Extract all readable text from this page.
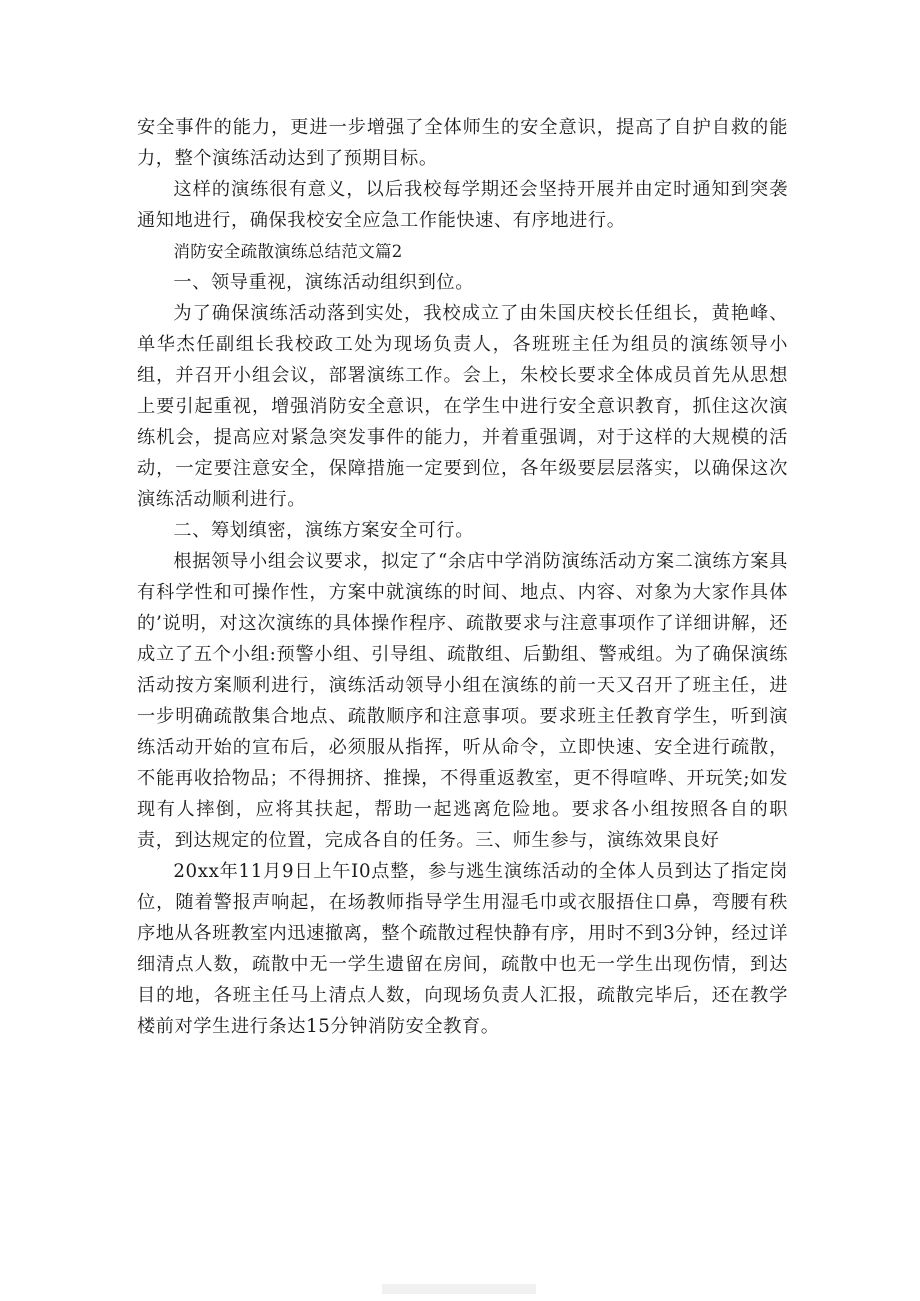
安全事件的能力，更进一步增强了全体师生的安全意识，提高了自护自救的能力，整个演练活动达到了预期目标。

这样的演练很有意义，以后我校每学期还会坚持开展并由定时通知到突袭通知地进行，确保我校安全应急工作能快速、有序地进行。

消防安全疏散演练总结范文篇2

一、领导重视，演练活动组织到位。

为了确保演练活动落到实处，我校成立了由朱国庆校长任组长，黄艳峰、单华杰任副组长我校政工处为现场负责人，各班班主任为组员的演练领导小组，并召开小组会议，部署演练工作。会上，朱校长要求全体成员首先从思想上要引起重视，增强消防安全意识，在学生中进行安全意识教育，抓住这次演练机会，提高应对紧急突发事件的能力，并着重强调，对于这样的大规模的活动，一定要注意安全，保障措施一定要到位，各年级要层层落实，以确保这次演练活动顺利进行。

二、筹划缜密，演练方案安全可行。

根据领导小组会议要求，拟定了“余店中学消防演练活动方案二演练方案具有科学性和可操作性，方案中就演练的时间、地点、内容、对象为大家作具体的’说明，对这次演练的具体操作程序、疏散要求与注意事项作了详细讲解，还成立了五个小组:预警小组、引导组、疏散组、后勤组、警戒组。为了确保演练活动按方案顺利进行，演练活动领导小组在演练的前一天又召开了班主任，进一步明确疏散集合地点、疏散顺序和注意事项。要求班主任教育学生，听到演练活动开始的宣布后，必须服从指挥，听从命令，立即快速、安全进行疏散，不能再收拾物品；不得拥挤、推操，不得重返教室，更不得喧哗、开玩笑;如发现有人摔倒，应将其扶起，帮助一起逃离危险地。要求各小组按照各自的职责，到达规定的位置，完成各自的任务。三、师生参与，演练效果良好

20xx年11月9日上午I0点整，参与逃生演练活动的全体人员到达了指定岗位，随着警报声响起，在场教师指导学生用湿毛巾或衣服捂住口鼻，弯腰有秩序地从各班教室内迅速撤离，整个疏散过程快静有序，用时不到3分钟，经过详细清点人数，疏散中无一学生遗留在房间，疏散中也无一学生出现伤情，到达目的地，各班主任马上清点人数，向现场负责人汇报，疏散完毕后，还在教学楼前对学生进行条达15分钟消防安全教育。
